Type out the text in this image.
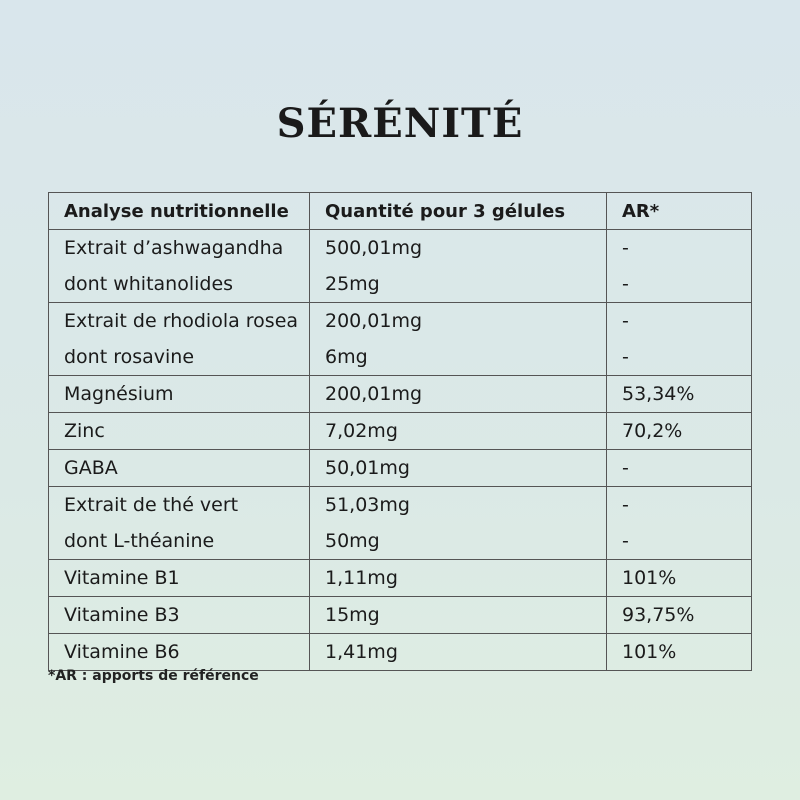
SÉRÉNITÉ
Analyse nutritionnelle	Quantité pour 3 gélules	AR*
Extrait d’ashwagandha	500,01mg	-
dont whitanolides	25mg	-
Extrait de rhodiola rosea	200,01mg	-
dont rosavine	6mg	-
Magnésium	200,01mg	53,34%
Zinc	7,02mg	70,2%
GABA	50,01mg	-
Extrait de thé vert	51,03mg	-
dont L-théanine	50mg	-
Vitamine B1	1,11mg	101%
Vitamine B3	15mg	93,75%
Vitamine B6	1,41mg	101%
*AR : apports de référence
